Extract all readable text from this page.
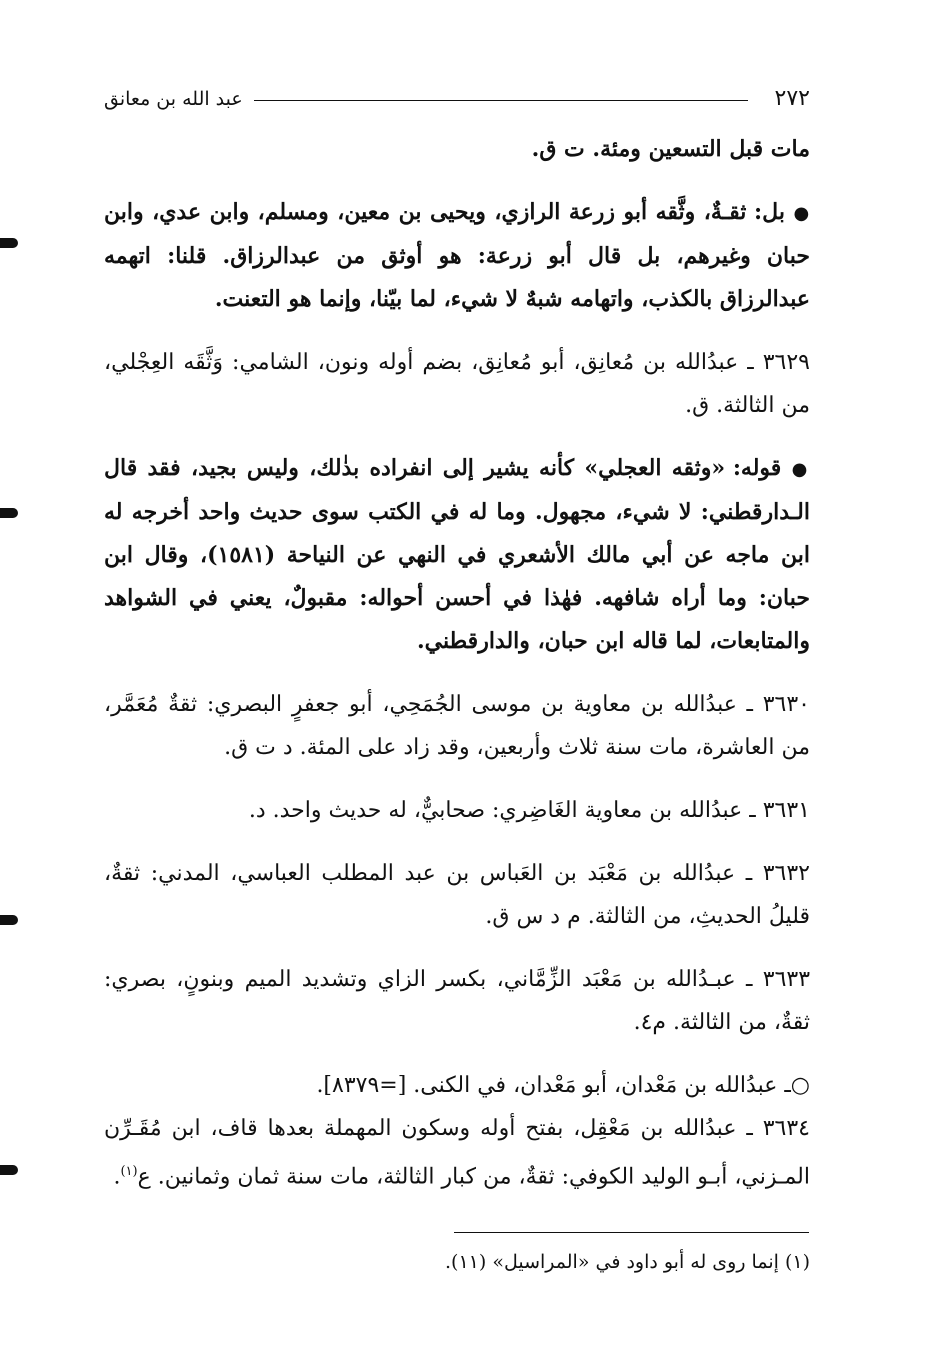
٢٧٢
عبد الله بن معانق

مات قبل التسعين ومئة. ت ق.

● بل: ثقـةٌ، وثَّقه أبو زرعة الرازي، ويحيى بن معين، ومسلم، وابن عدي، وابن حبان وغيرهم، بل قال أبو زرعة: هو أوثق من عبدالرزاق. قلنا: اتهمه عبدالرزاق بالكذب، واتهامه شبهٌ لا شيء، لما بيّنا، وإنما هو التعنت.

٣٦٢٩ ـ عبدُالله بن مُعانِق، أبو مُعانِق، بضم أوله ونون، الشامي: وَثَّقَه العِجْلي، من الثالثة. ق.

● قوله: «وثقه العجلي» كأنه يشير إلى انفراده بذٰلك، وليس بجيد، فقد قال الـدارقطني: لا شيء، مجهول. وما له في الكتب سوى حديث واحد أخرجه له ابن ماجه عن أبي مالك الأشعري في النهي عن النياحة (١٥٨١)، وقال ابن حبان: وما أراه شافهه. فهٰذا في أحسن أحواله: مقبولٌ، يعني في الشواهد والمتابعات، لما قاله ابن حبان، والدارقطني.

٣٦٣٠ ـ عبدُالله بن معاوية بن موسى الجُمَحِي، أبو جعفرٍ البصري: ثقةٌ مُعَمَّر، من العاشرة، مات سنة ثلاث وأربعين، وقد زاد على المئة. د ت ق.

٣٦٣١ ـ عبدُالله بن معاوية الغَاضِري: صحابيٌّ، له حديث واحد. د.

٣٦٣٢ ـ عبدُالله بن مَعْبَد بن العَباس بن عبد المطلب العباسي، المدني: ثقةٌ، قليلُ الحديثِ، من الثالثة. م د س ق.

٣٦٣٣ ـ عبـدُالله بن مَعْبَد الزِّمَّاني، بكسر الزاي وتشديد الميم وبنونٍ، بصري: ثقةٌ، من الثالثة. م٤.

○ـ عبدُالله بن مَعْدان، أبو مَعْدان، في الكنى. [=٨٣٧٩].

٣٦٣٤ ـ عبدُالله بن مَعْقِل، بفتح أوله وسكون المهملة بعدها قاف، ابن مُقَـرِّن المـزني، أبـو الوليد الكوفي: ثقةٌ، من كبار الثالثة، مات سنة ثمان وثمانين. ع$^{(١)}$.

(١) إنما روى له أبو داود في «المراسيل» (١١).
